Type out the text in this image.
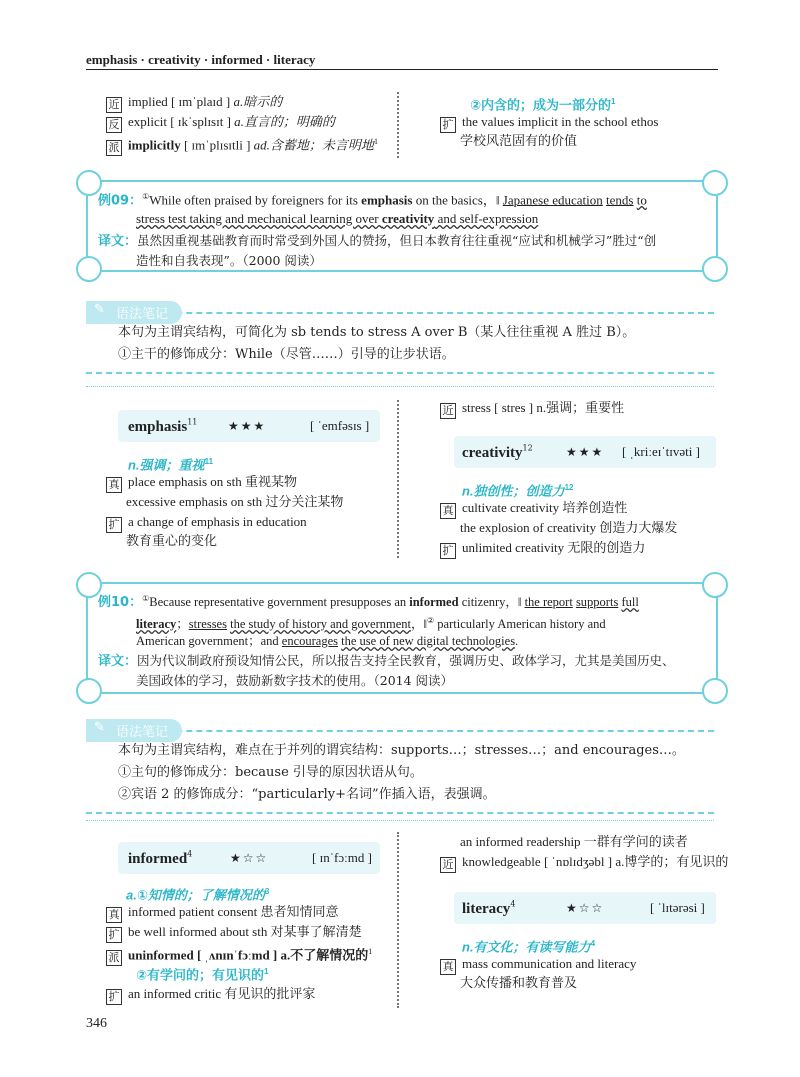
emphasis · creativity · informed · literacy
近 implied [ ɪmˈplaɪd ] a.暗示的
反 explicit [ ɪkˈsplɪsɪt ] a.直言的；明确的
派 implicitly [ ɪmˈplɪsɪtli ] ad.含蓄地；未言明地$^1$
②内含的；成为一部分的$^1$
扩 the values implicit in the school ethos
学校风范固有的价值
例09：①While often praised by foreigners for its emphasis on the basics，‖ Japanese education tends to
stress test taking and mechanical learning over creativity and self-expression
译文：虽然因重视基础教育而时常受到外国人的赞扬，但日本教育往往重视“应试和机械学习”胜过“创
造性和自我表现”。（2000 阅读）
✎ 语法笔记
本句为主谓宾结构，可简化为 sb tends to stress A over B（某人往往重视 A 胜过 B）。
①主干的修饰成分：While（尽管……）引导的让步状语。
emphasis$^{11}$	★★★	[ ˈemfəsɪs ]
n.强调；重视$^{11}$
真 place emphasis on sth 重视某物
excessive emphasis on sth 过分关注某物
扩 a change of emphasis in education
教育重心的变化
近 stress [ stres ] n.强调；重要性
creativity$^{12}$	★★★ [ ˌkriːeɪˈtɪvəti ]
n.独创性；创造力$^{12}$
真 cultivate creativity 培养创造性
the explosion of creativity 创造力大爆发
扩 unlimited creativity 无限的创造力
例10：①Because representative government presupposes an informed citizenry，‖ the report supports full
literacy；stresses the study of history and government，‖② particularly American history and
American government；and encourages the use of new digital technologies.
译文：因为代议制政府预设知情公民，所以报告支持全民教育，强调历史、政体学习，尤其是美国历史、
美国政体的学习，鼓励新数字技术的使用。（2014 阅读）
✎ 语法笔记
本句为主谓宾结构，难点在于并列的谓宾结构：supports…；stresses…；and encourages…。
①主句的修饰成分：because 引导的原因状语从句。
②宾语 2 的修饰成分：“particularly+名词”作插入语，表强调。
informed$^4$	★☆☆	[ ɪnˈfɔːmd ]
a.①知情的；了解情况的$^3$
真 informed patient consent 患者知情同意
扩 be well informed about sth 对某事了解清楚
派 uninformed [ ˌʌnɪnˈfɔːmd ] a.不了解情况的$^1$
②有学问的；有见识的$^1$
扩 an informed critic 有见识的批评家
an informed readership 一群有学问的读者
近 knowledgeable [ ˈnɒlɪdʒəbl ] a.博学的；有见识的
literacy$^4$	★☆☆	[ ˈlɪtərəsi ]
n.有文化；有读写能力$^4$
真 mass communication and literacy
大众传播和教育普及
346
